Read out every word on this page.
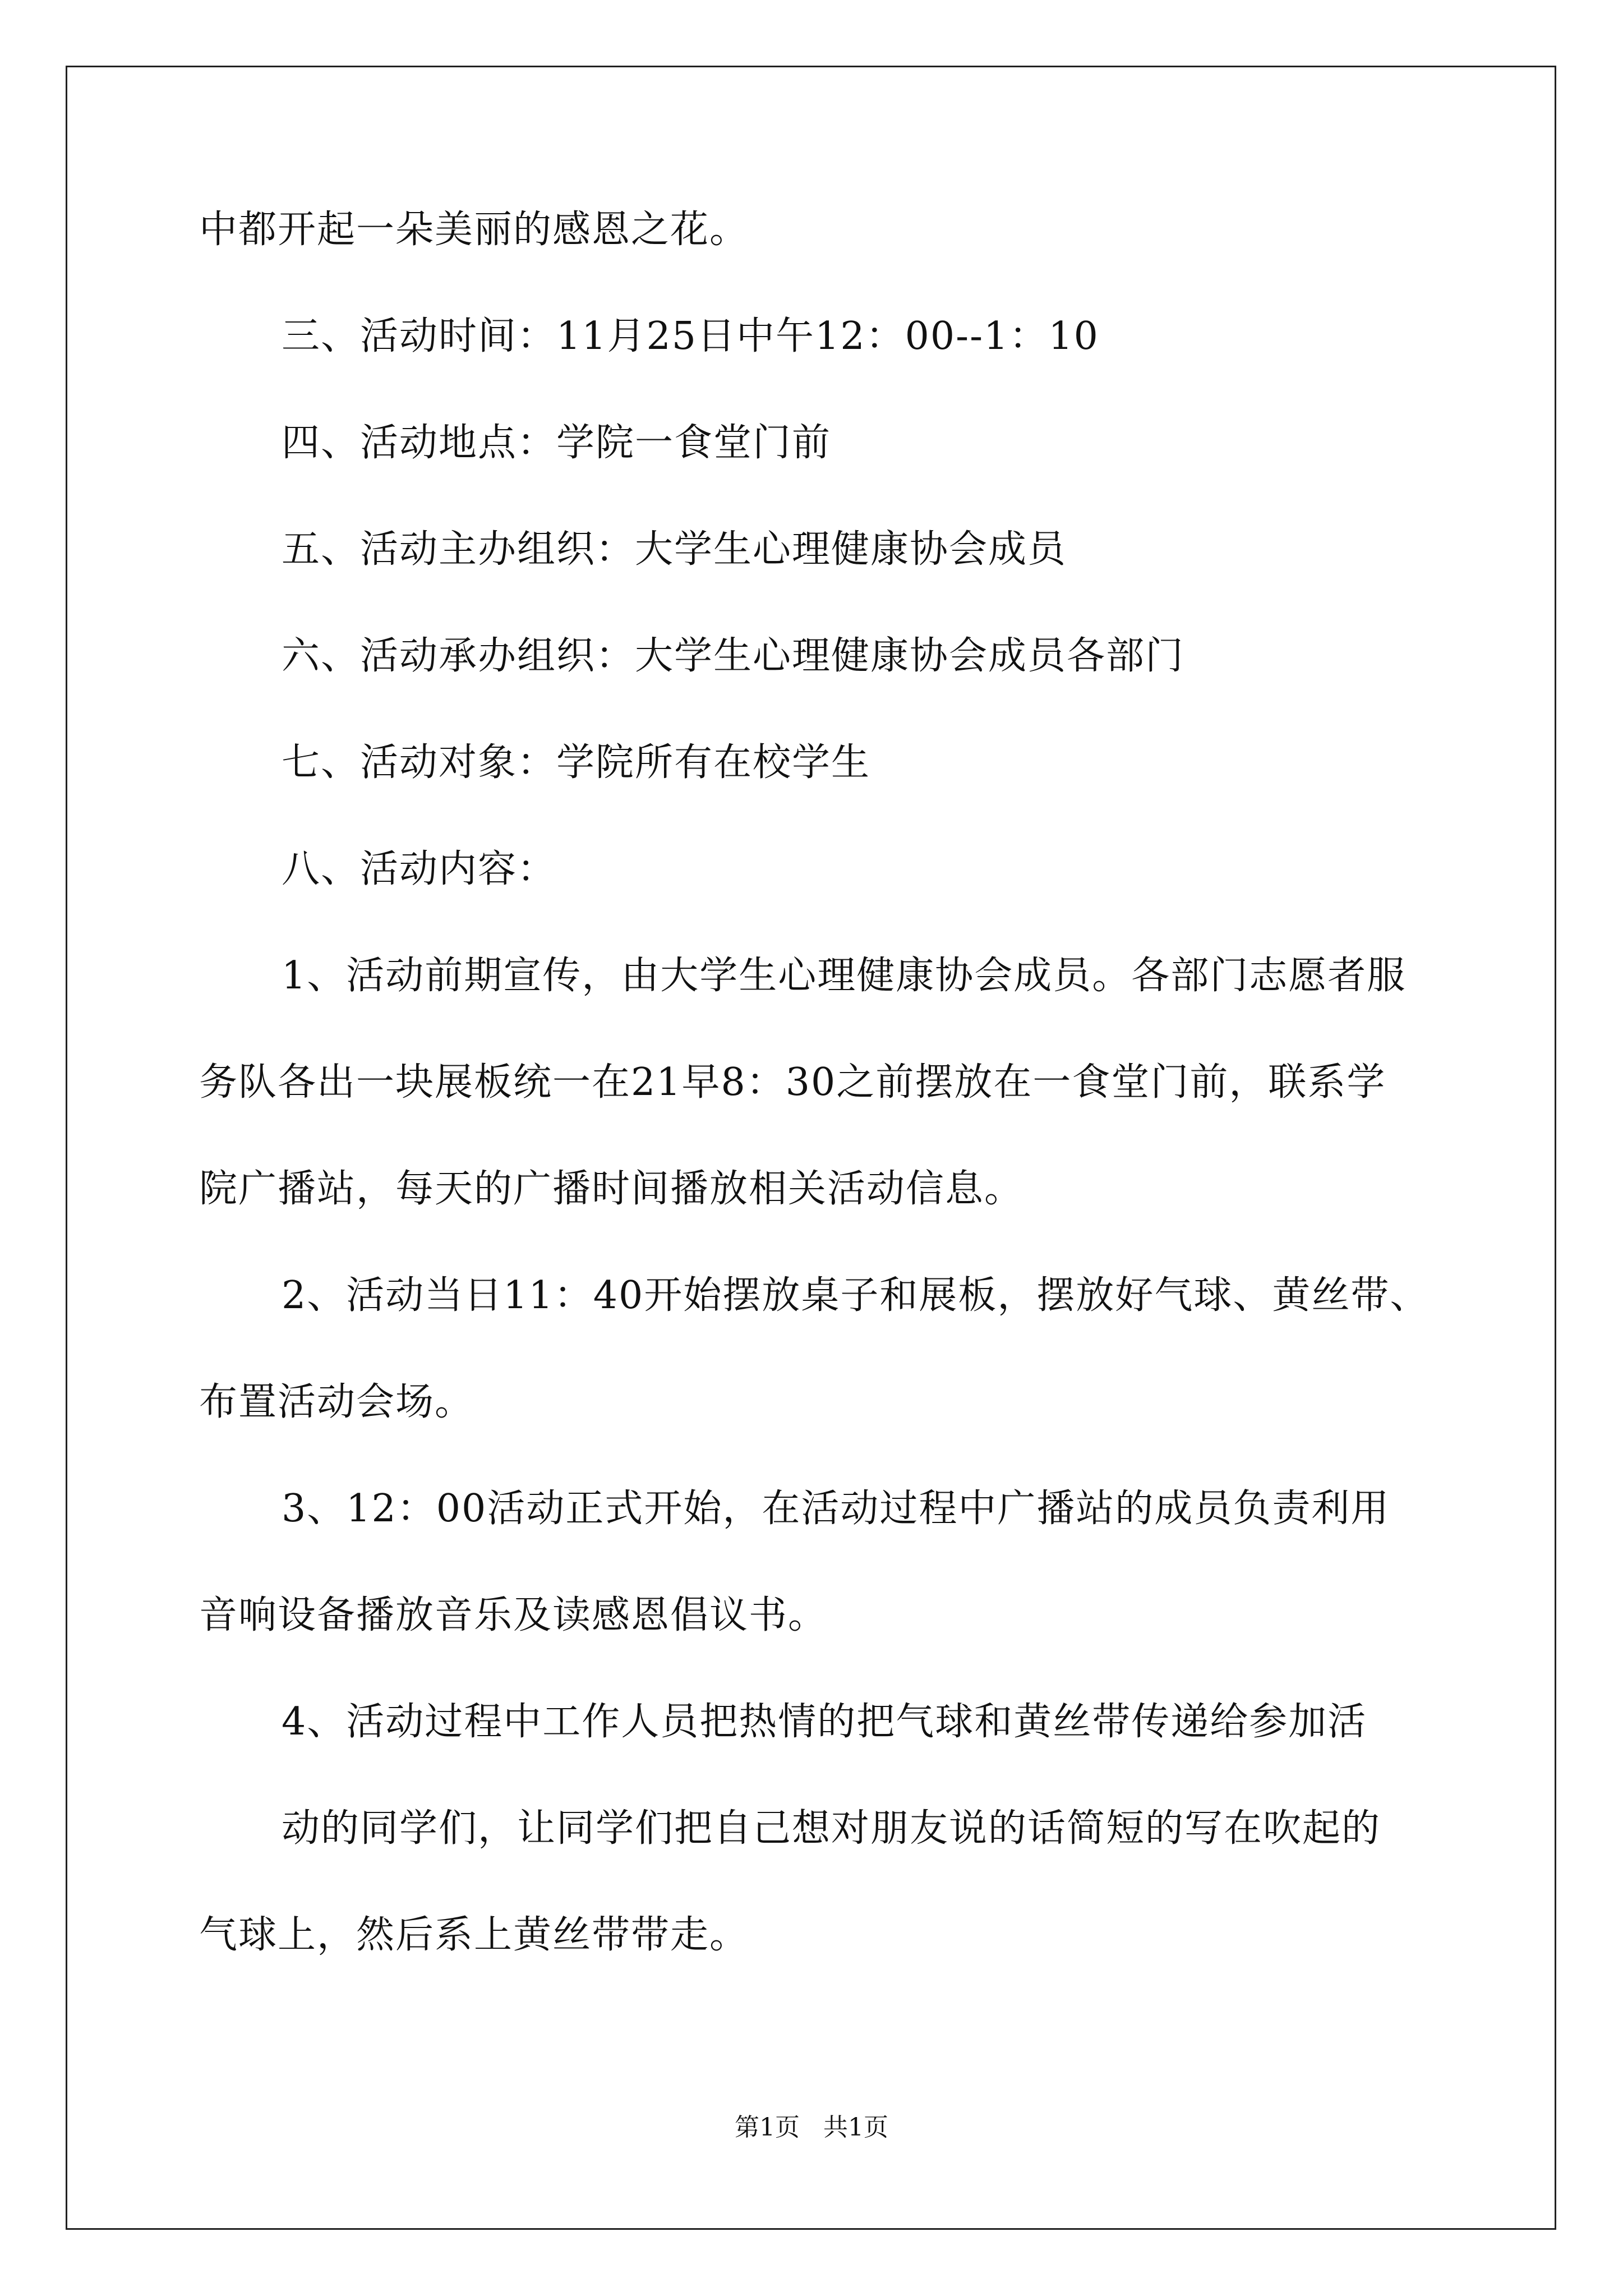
中都开起一朵美丽的感恩之花。
三、活动时间：11月25日中午12：00--1：10
四、活动地点：学院一食堂门前
五、活动主办组织：大学生心理健康协会成员
六、活动承办组织：大学生心理健康协会成员各部门
七、活动对象：学院所有在校学生
八、活动内容：
1、活动前期宣传，由大学生心理健康协会成员。各部门志愿者服
务队各出一块展板统一在21早8：30之前摆放在一食堂门前，联系学
院广播站，每天的广播时间播放相关活动信息。
2、活动当日11：40开始摆放桌子和展板，摆放好气球、黄丝带、
布置活动会场。
3、12：00活动正式开始，在活动过程中广播站的成员负责利用
音响设备播放音乐及读感恩倡议书。
4、活动过程中工作人员把热情的把气球和黄丝带传递给参加活
动的同学们，让同学们把自己想对朋友说的话简短的写在吹起的
气球上，然后系上黄丝带带走。
第1页   共1页
